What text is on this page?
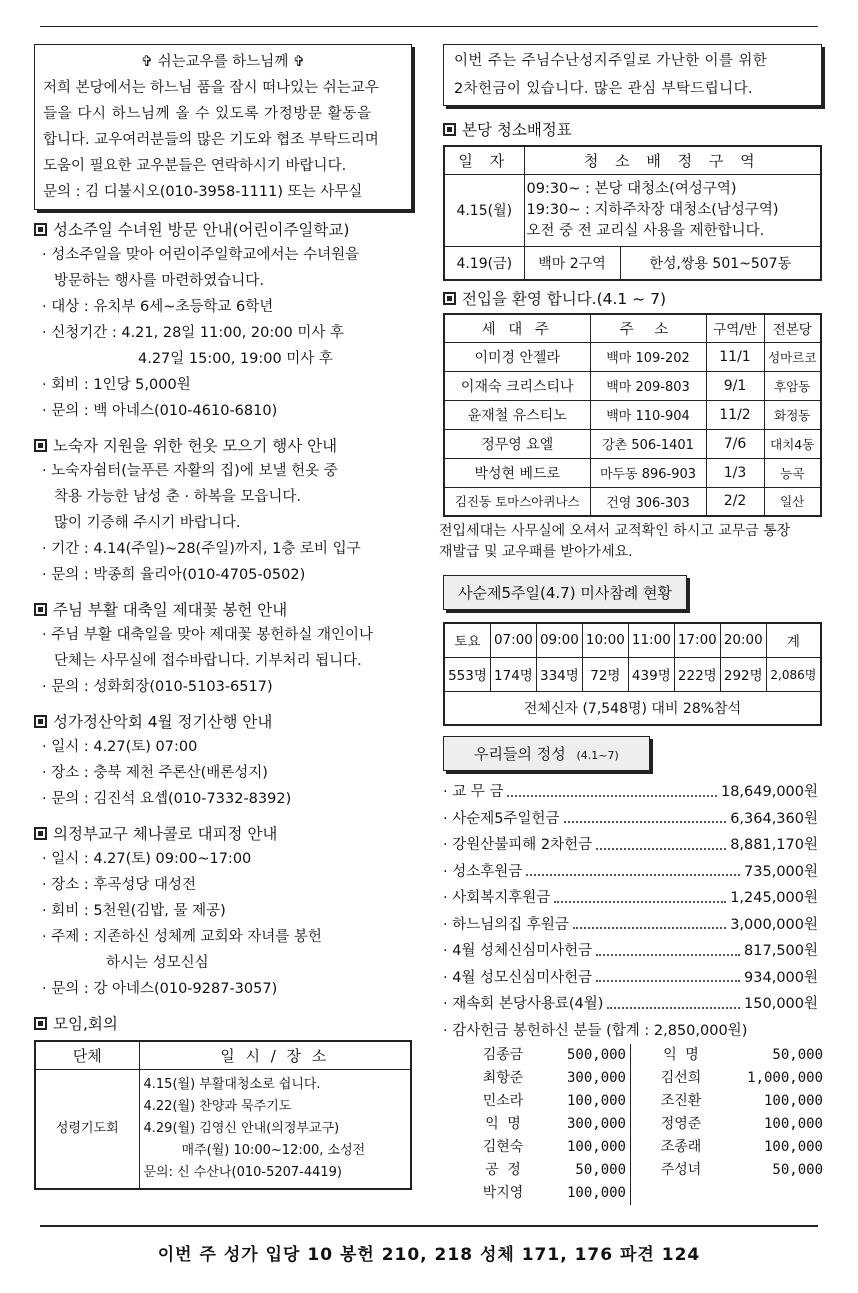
✞ 쉬는교우를 하느님께 ✞
저희 본당에서는 하느님 품을 잠시 떠나있는 쉬는교우
들을 다시 하느님께 올 수 있도록 가정방문 활동을
합니다. 교우여러분들의 많은 기도와 협조 부탁드리며
도움이 필요한 교우분들은 연락하시기 바랍니다.
문의 : 김 디불시오(010-3958-1111) 또는 사무실
성소주일 수녀원 방문 안내(어린이주일학교)
· 성소주일을 맞아 어린이주일학교에서는 수녀원을
방문하는 행사를 마련하였습니다.
· 대상 : 유치부 6세~초등학교 6학년
· 신청기간 : 4.21, 28일 11:00, 20:00 미사 후
4.27일 15:00, 19:00 미사 후
· 회비 : 1인당 5,000원
· 문의 : 백 아네스(010-4610-6810)
노숙자 지원을 위한 헌옷 모으기 행사 안내
· 노숙자쉼터(늘푸른 자활의 집)에 보낼 헌옷 중
착용 가능한 남성 춘 · 하복을 모읍니다.
많이 기증해 주시기 바랍니다.
· 기간 : 4.14(주일)~28(주일)까지, 1층 로비 입구
· 문의 : 박종희 율리아(010-4705-0502)
주님 부활 대축일 제대꽃 봉헌 안내
· 주님 부활 대축일을 맞아 제대꽃 봉헌하실 개인이나
단체는 사무실에 접수바랍니다. 기부처리 됩니다.
· 문의 : 성화회장(010-5103-6517)
성가정산악회 4월 정기산행 안내
· 일시 : 4.27(토) 07:00
· 장소 : 충북 제천 주론산(배론성지)
· 문의 : 김진석 요셉(010-7332-8392)
의정부교구 체나콜로 대피정 안내
· 일시 : 4.27(토) 09:00~17:00
· 장소 : 후곡성당 대성전
· 회비 : 5천원(김밥, 물 제공)
· 주제 : 지존하신 성체께 교회와 자녀를 봉헌
하시는 성모신심
· 문의 : 강 아네스(010-9287-3057)
모임,회의
단체	일 시 / 장 소
성령기도회	4.15(월) 부활대청소로 쉽니다.
4.22(월) 찬양과 묵주기도
4.29(월) 김영신 안내(의정부교구)
매주(월) 10:00~12:00, 소성전
문의: 신 수산나(010-5207-4419)
이번 주는 주님수난성지주일로 가난한 이를 위한
2차헌금이 있습니다. 많은 관심 부탁드립니다.
본당 청소배정표
일 자	청 소 배 정 구 역	
4.15(월)	09:30~ : 본당 대청소(여성구역)
19:30~ : 지하주차장 대청소(남성구역)
오전 중 전 교리실 사용을 제한합니다.	

4.19(금)	백마 2구역	한성,쌍용 501~507동
전입을 환영 합니다.(4.1 ~ 7)
세 대 주	주 소	구역/반	전본당
이미경 안젤라	백마 109-202	11/1	성마르코
이재숙 크리스티나	백마 209-803	9/1	후암동
윤재철 유스티노	백마 110-904	11/2	화정동
정무영 요엘	강촌 506-1401	7/6	대치4동
박성현 베드로	마두동 896-903	1/3	능곡
김진동 토마스아퀴나스	건영 306-303	2/2	일산
전입세대는 사무실에 오셔서 교적확인 하시고 교무금 통장
재발급 및 교우패를 받아가세요.
사순제5주일(4.7) 미사참례 현황
토요	07:00	09:00	10:00	11:00	17:00	20:00	계
553명	174명	334명	72명	439명	222명	292명	2,086명
전체신자 (7,548명) 대비 28%참석							
우리들의 정성 (4.1~7)
· 교 무 금	18,649,000원
· 사순제5주일헌금	6,364,360원
· 강원산불피해 2차헌금	8,881,170원
· 성소후원금	735,000원
· 사회복지후원금	1,245,000원
· 하느님의집 후원금	3,000,000원
· 4월 성체신심미사헌금	817,500원
· 4월 성모신심미사헌금	934,000원
· 재속회 본당사용료(4월)	150,000원
· 감사헌금 봉헌하신 분들 (합계 : 2,850,000원)
김종금	500,000	익 명	50,000
최항준	300,000	김선희	1,000,000
민소라	100,000	조진환	100,000
익 명	300,000	정영준	100,000
김현숙	100,000	조종래	100,000
공 정	50,000	주성녀	50,000
박지영	100,000
이번 주 성가 입당 10 봉헌 210, 218 성체 171, 176 파견 124
